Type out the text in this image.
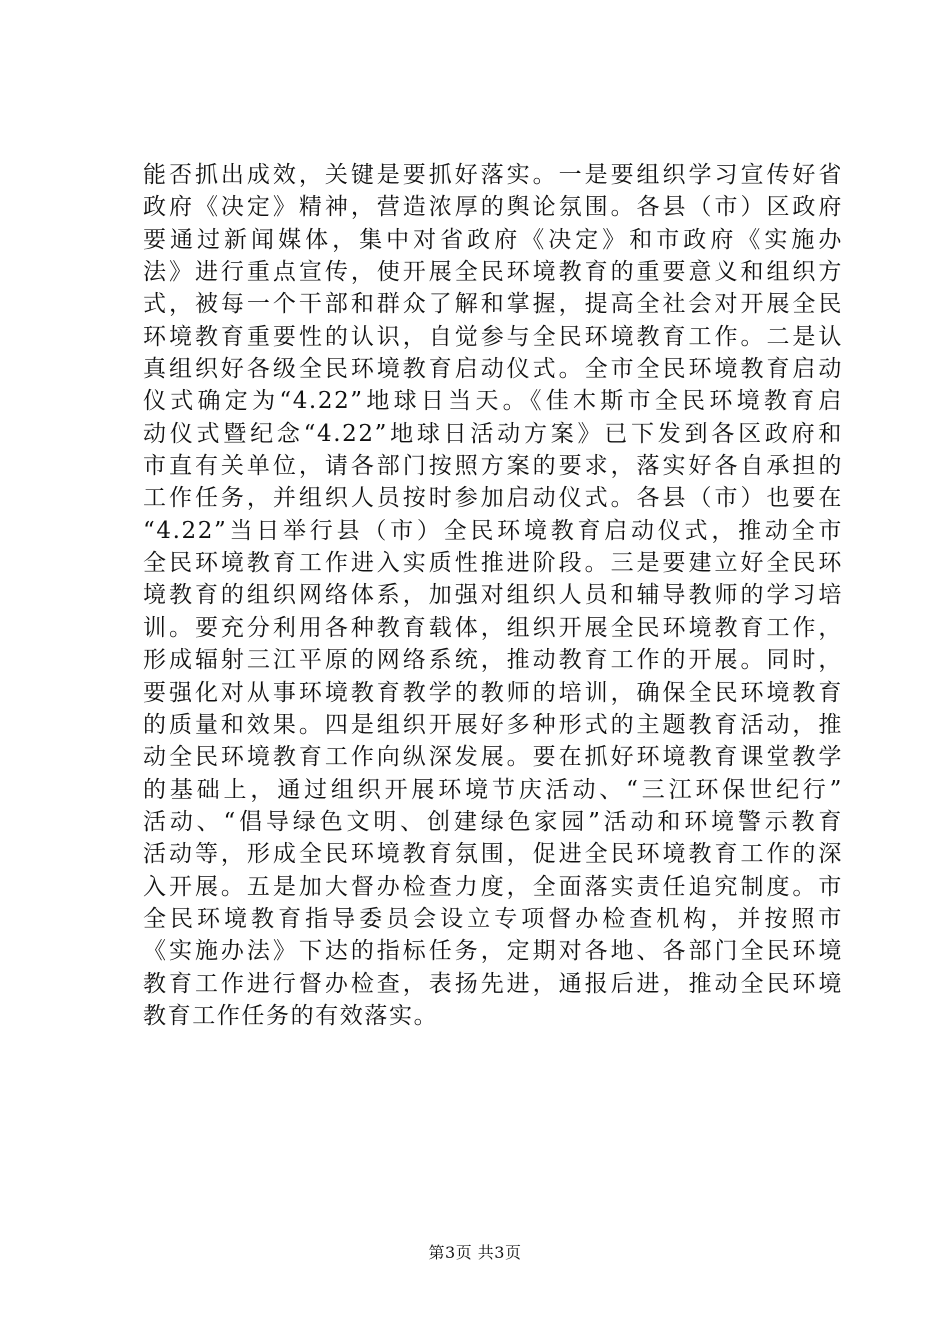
能否抓出成效，关键是要抓好落实。一是要组织学习宣传好省
政府《决定》精神，营造浓厚的舆论氛围。各县（市）区政府
要通过新闻媒体，集中对省政府《决定》和市政府《实施办
法》进行重点宣传，使开展全民环境教育的重要意义和组织方
式，被每一个干部和群众了解和掌握，提高全社会对开展全民
环境教育重要性的认识，自觉参与全民环境教育工作。二是认
真组织好各级全民环境教育启动仪式。全市全民环境教育启动
仪式确定为“4.22”地球日当天。《佳木斯市全民环境教育启
动仪式暨纪念“4.22”地球日活动方案》已下发到各区政府和
市直有关单位，请各部门按照方案的要求，落实好各自承担的
工作任务，并组织人员按时参加启动仪式。各县（市）也要在
“4.22”当日举行县（市）全民环境教育启动仪式，推动全市
全民环境教育工作进入实质性推进阶段。三是要建立好全民环
境教育的组织网络体系，加强对组织人员和辅导教师的学习培
训。要充分利用各种教育载体，组织开展全民环境教育工作，
形成辐射三江平原的网络系统，推动教育工作的开展。同时，
要强化对从事环境教育教学的教师的培训，确保全民环境教育
的质量和效果。四是组织开展好多种形式的主题教育活动，推
动全民环境教育工作向纵深发展。要在抓好环境教育课堂教学
的基础上，通过组织开展环境节庆活动、“三江环保世纪行”
活动、“倡导绿色文明、创建绿色家园”活动和环境警示教育
活动等，形成全民环境教育氛围，促进全民环境教育工作的深
入开展。五是加大督办检查力度，全面落实责任追究制度。市
全民环境教育指导委员会设立专项督办检查机构，并按照市
《实施办法》下达的指标任务，定期对各地、各部门全民环境
教育工作进行督办检查，表扬先进，通报后进，推动全民环境
教育工作任务的有效落实。
第3页 共3页
